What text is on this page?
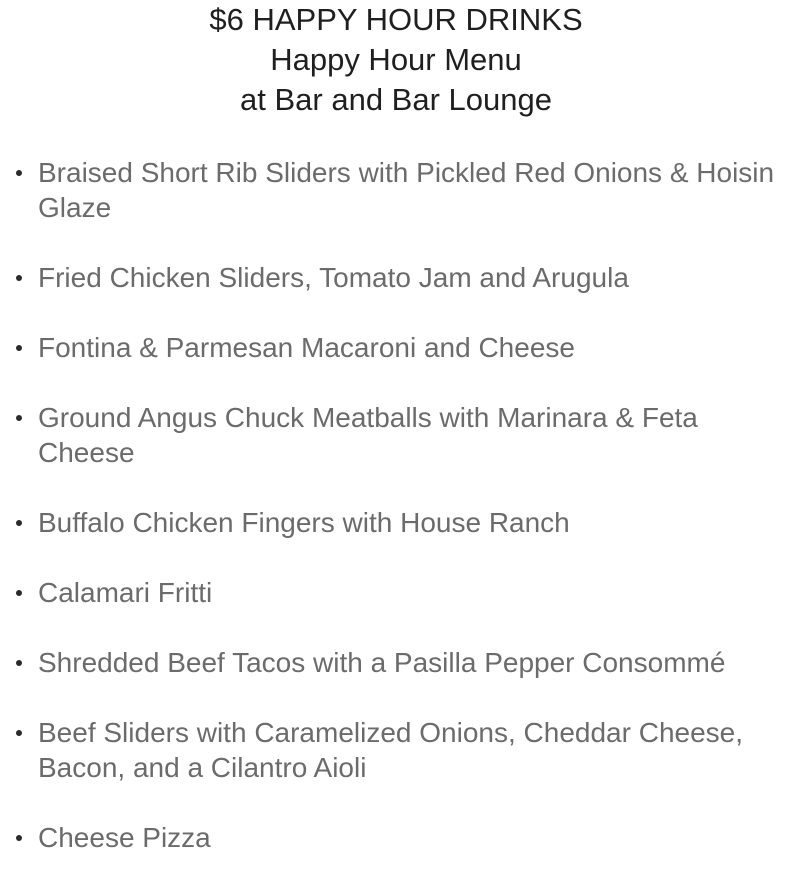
$6 HAPPY HOUR DRINKS
Happy Hour Menu
at Bar and Bar Lounge
Braised Short Rib Sliders with Pickled Red Onions & Hoisin Glaze
Fried Chicken Sliders, Tomato Jam and Arugula
Fontina & Parmesan Macaroni and Cheese
Ground Angus Chuck Meatballs with Marinara & Feta Cheese
Buffalo Chicken Fingers with House Ranch
Calamari Fritti
Shredded Beef Tacos with a Pasilla Pepper Consommé
Beef Sliders with Caramelized Onions, Cheddar Cheese, Bacon, and a Cilantro Aioli
Cheese Pizza
